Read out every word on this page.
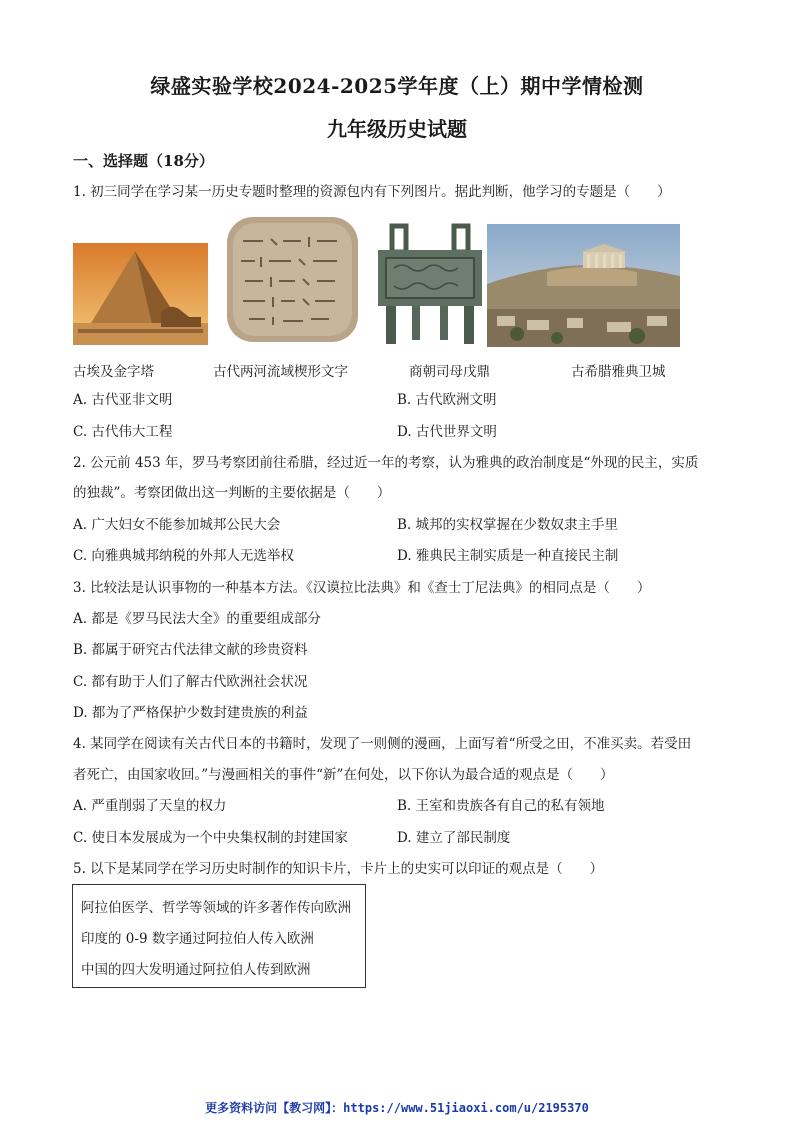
绿盛实验学校2024-2025学年度（上）期中学情检测
九年级历史试题
一、选择题（18分）
1. 初三同学在学习某一历史专题时整理的资源包内有下列图片。据此判断，他学习的专题是（　　）
古埃及金字塔	古代两河流域楔形文字	商朝司母戊鼎	古希腊雅典卫城
A. 古代亚非文明	B. 古代欧洲文明
C. 古代伟大工程	D. 古代世界文明
2. 公元前 453 年，罗马考察团前往希腊，经过近一年的考察，认为雅典的政治制度是“外现的民主，实质
的独裁”。考察团做出这一判断的主要依据是（　　）
A. 广大妇女不能参加城邦公民大会	B. 城邦的实权掌握在少数奴隶主手里
C. 向雅典城邦纳税的外邦人无选举权	D. 雅典民主制实质是一种直接民主制
3. 比较法是认识事物的一种基本方法。《汉谟拉比法典》和《查士丁尼法典》的相同点是（　　）
A. 都是《罗马民法大全》的重要组成部分
B. 都属于研究古代法律文献的珍贵资料
C. 都有助于人们了解古代欧洲社会状况
D. 都为了严格保护少数封建贵族的利益
4. 某同学在阅读有关古代日本的书籍时，发现了一则侧的漫画，上面写着“所受之田，不准买卖。若受田
者死亡，由国家收回。”与漫画相关的事件“新”在何处，以下你认为最合适的观点是（　　）
A. 严重削弱了天皇的权力	B. 王室和贵族各有自己的私有领地
C. 使日本发展成为一个中央集权制的封建国家	D. 建立了部民制度
5. 以下是某同学在学习历史时制作的知识卡片，卡片上的史实可以印证的观点是（　　）
阿拉伯医学、哲学等领域的许多著作传向欧洲
印度的 0-9 数字通过阿拉伯人传入欧洲
中国的四大发明通过阿拉伯人传到欧洲
更多资料访问【教习网】：https://www.51jiaoxi.com/u/2195370
